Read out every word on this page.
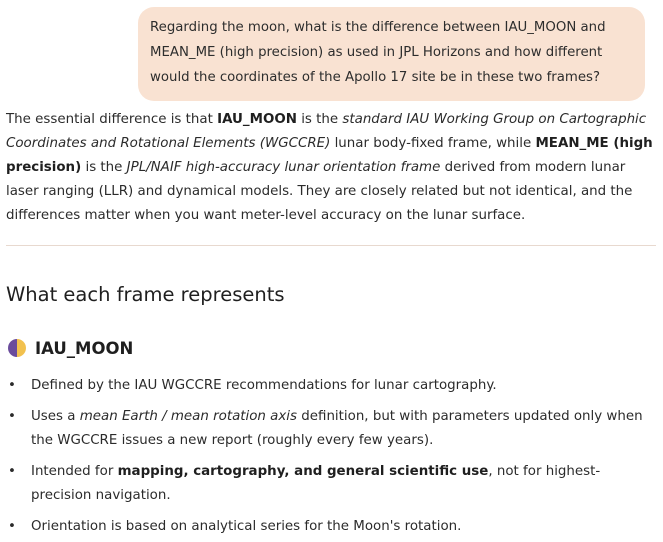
Regarding the moon, what is the difference between IAU_MOON and MEAN_ME (high precision) as used in JPL Horizons and how different would the coordinates of the Apollo 17 site be in these two frames?
The essential difference is that IAU_MOON is the standard IAU Working Group on Cartographic Coordinates and Rotational Elements (WGCCRE) lunar body-fixed frame, while MEAN_ME (high precision) is the JPL/NAIF high-accuracy lunar orientation frame derived from modern lunar laser ranging (LLR) and dynamical models. They are closely related but not identical, and the differences matter when you want meter-level accuracy on the lunar surface.
What each frame represents
IAU_MOON
• Defined by the IAU WGCCRE recommendations for lunar cartography.
• Uses a mean Earth / mean rotation axis definition, but with parameters updated only when the WGCCRE issues a new report (roughly every few years).
• Intended for mapping, cartography, and general scientific use, not for highest-precision navigation.
• Orientation is based on analytical series for the Moon's rotation.
